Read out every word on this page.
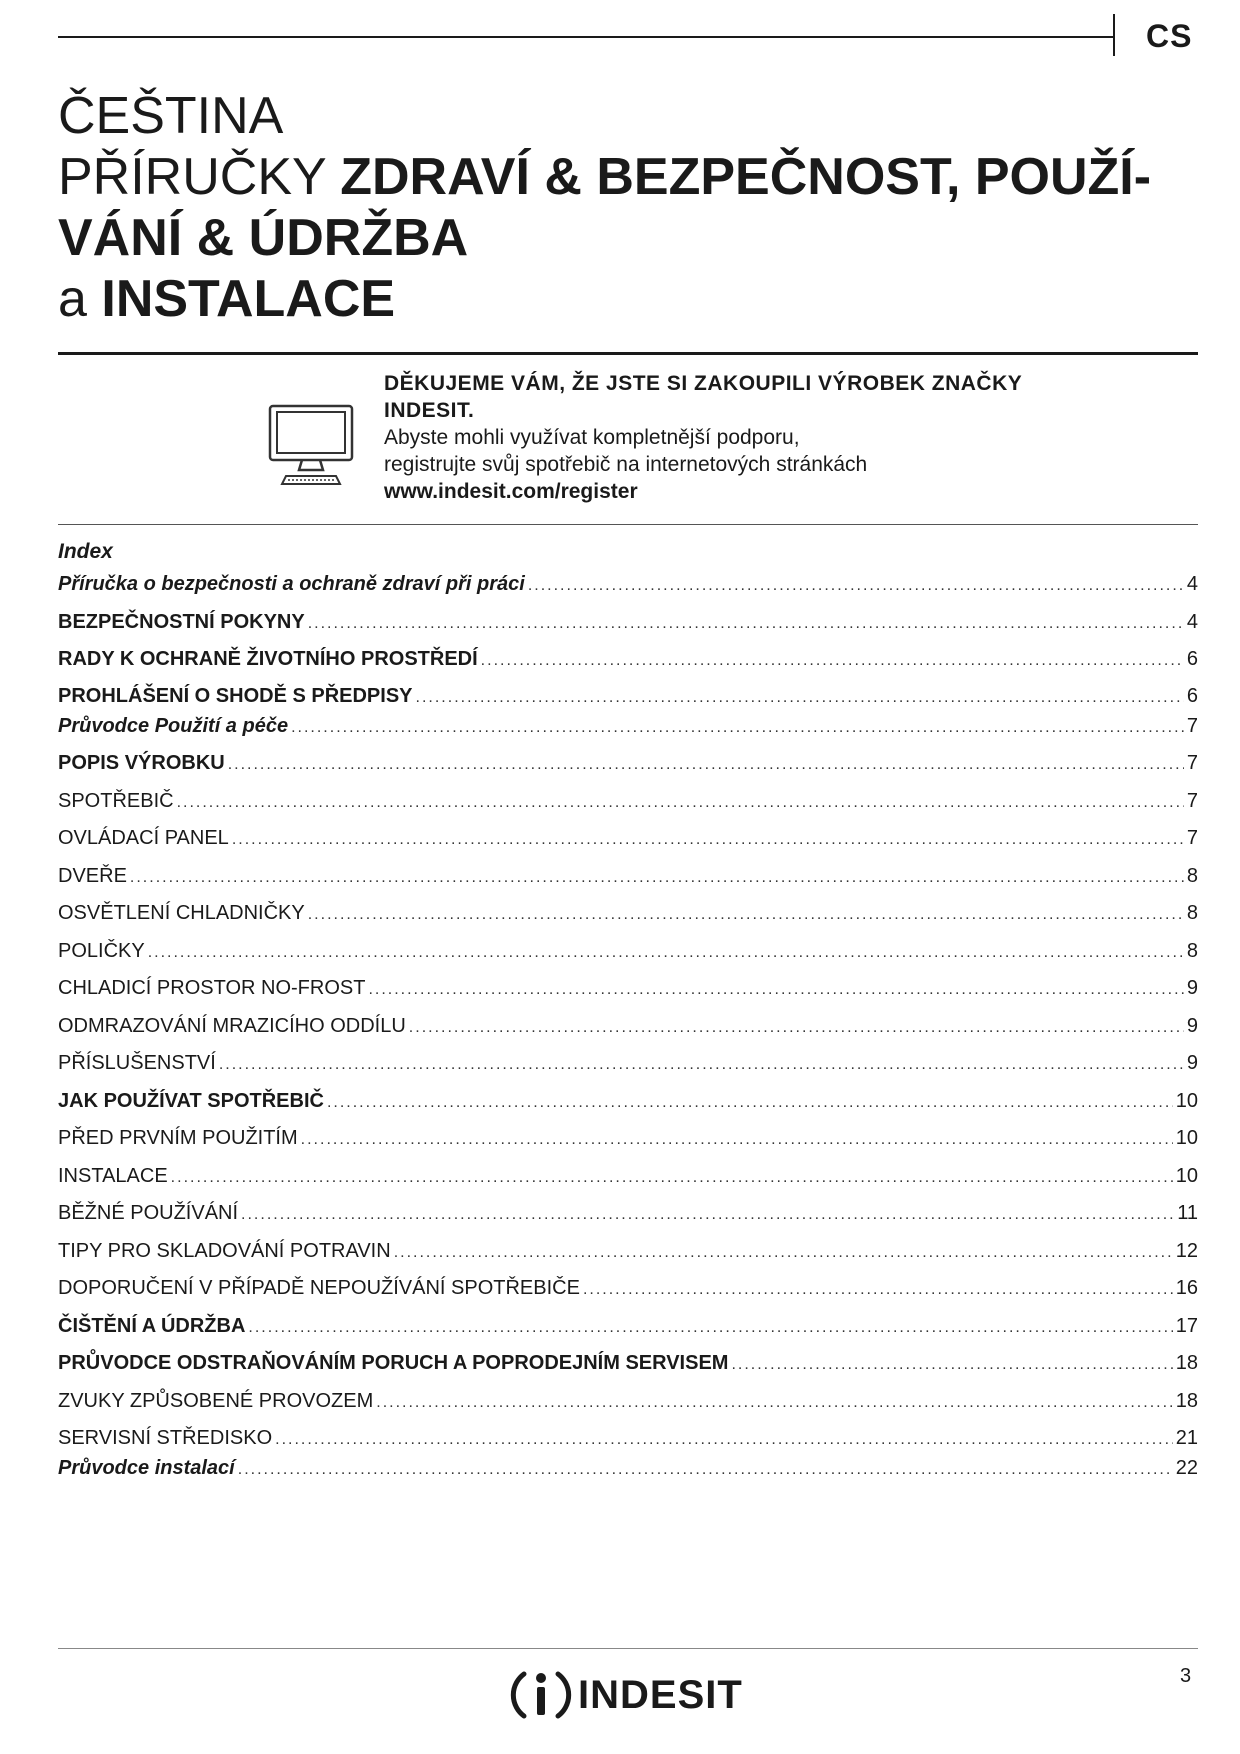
CS
ČEŠTINA
PŘÍRUČKY ZDRAVÍ & BEZPEČNOST, POUŽÍ-
VÁNÍ & ÚDRŽBA
a INSTALACE
DĚKUJEME VÁM, ŽE JSTE SI ZAKOUPILI VÝROBEK ZNAČKY INDESIT.
Abyste mohli využívat kompletnější podporu,
registrujte svůj spotřebič na internetových stránkách
www.indesit.com/register
Index
Příručka o bezpečnosti a ochraně zdraví při práci .....	4
BEZPEČNOSTNÍ POKYNY .....	4
RADY K OCHRANĚ ŽIVOTNÍHO PROSTŘEDÍ .....	6
PROHLÁŠENÍ O SHODĚ S PŘEDPISY .....	6
Průvodce Použití a péče .....	7
POPIS VÝROBKU .....	7
SPOTŘEBIČ .....	7
OVLÁDACÍ PANEL .....	7
DVEŘE .....	8
OSVĚTLENÍ CHLADNIČKY .....	8
POLIČKY .....	8
CHLADICÍ PROSTOR NO-FROST .....	9
ODMRAZOVÁNÍ MRAZICÍHO ODDÍLU .....	9
PŘÍSLUŠENSTVÍ .....	9
JAK POUŽÍVAT SPOTŘEBIČ .....	10
PŘED PRVNÍM POUŽITÍM .....	10
INSTALACE .....	10
BĚŽNÉ POUŽÍVÁNÍ .....	11
TIPY PRO SKLADOVÁNÍ POTRAVIN .....	12
DOPORUČENÍ V PŘÍPADĚ NEPOUŽÍVÁNÍ SPOTŘEBIČE .....	16
ČIŠTĚNÍ A ÚDRŽBA .....	17
PRŮVODCE ODSTRAŇOVÁNÍM PORUCH A POPRODEJNÍM SERVISEM .....	18
ZVUKY ZPŮSOBENÉ PROVOZEM .....	18
SERVISNÍ STŘEDISKO .....	21
Průvodce instalací .....	22
INDESIT	3
